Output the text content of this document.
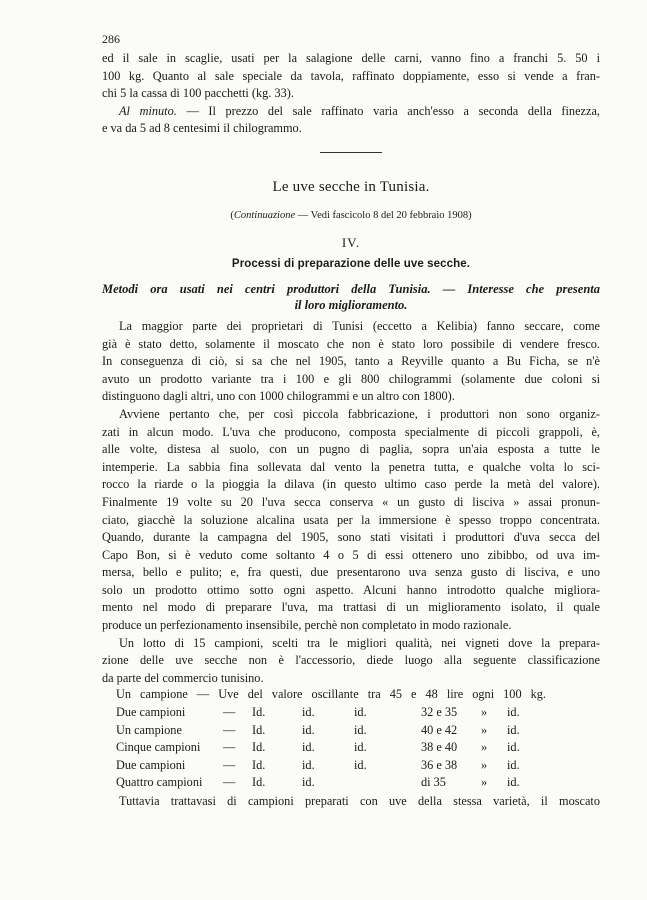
286
ed il sale in scaglie, usati per la salagione delle carni, vanno fino a franchi 5. 50 i
100 kg. Quanto al sale speciale da tavola, raffinato doppiamente, esso si vende a fran-
chi 5 la cassa di 100 pacchetti (kg. 33).
Al minuto. — Il prezzo del sale raffinato varia anch'esso a seconda della finezza,
e va da 5 ad 8 centesimi il chilogrammo.
Le uve secche in Tunisia.
(Continuazione — Vedi fascicolo 8 del 20 febbraio 1908)
IV.
Processi di preparazione delle uve secche.
Metodi ora usati nei centri produttori della Tunisia. — Interesse che presenta
il loro miglioramento.
La maggior parte dei proprietari di Tunisi (eccetto a Kelibia) fanno seccare, come
già è stato detto, solamente il moscato che non è stato loro possibile di vendere fresco.
In conseguenza di ciò, si sa che nel 1905, tanto a Reyville quanto a Bu Ficha, se n'è
avuto un prodotto variante tra i 100 e gli 800 chilogrammi (solamente due coloni si
distinguono dagli altri, uno con 1000 chilogrammi e un altro con 1800).
Avviene pertanto che, per così piccola fabbricazione, i produttori non sono organiz-
zati in alcun modo. L'uva che producono, composta specialmente di piccoli grappoli, è,
alle volte, distesa al suolo, con un pugno di paglia, sopra un'aia esposta a tutte le
intemperie. La sabbia fina sollevata dal vento la penetra tutta, e qualche volta lo sci-
rocco la riarde o la pioggia la dilava (in questo ultimo caso perde la metà del valore).
Finalmente 19 volte su 20 l'uva secca conserva « un gusto di lisciva » assai pronun-
ciato, giacchè la soluzione alcalina usata per la immersione è spesso troppo concentrata.
Quando, durante la campagna del 1905, sono stati visitati i produttori d'uva secca del
Capo Bon, si è veduto come soltanto 4 o 5 di essi ottenero uno zibibbo, od uva im-
mersa, bello e pulito; e, fra questi, due presentarono uva senza gusto di lisciva, e uno
solo un prodotto ottimo sotto ogni aspetto. Alcuni hanno introdotto qualche migliora-
mento nel modo di preparare l'uva, ma trattasi di un miglioramento isolato, il quale
produce un perfezionamento insensibile, perchè non completato in modo razionale.
Un lotto di 15 campioni, scelti tra le migliori qualità, nei vigneti dove la prepara-
zione delle uve secche non è l'accessorio, diede luogo alla seguente classificazione
da parte del commercio tunisino.
Un campione — Uve del valore oscillante tra 45 e 48 lire ogni 100 kg.							

Due campioni	—	Id.	id.	id.	32 e 35	»	id.
Un campione	—	Id.	id.	id.	40 e 42	»	id.
Cinque campioni	—	Id.	id.	id.	38 e 40	»	id.
Due campioni	—	Id.	id.	id.	36 e 38	»	id.
Quattro campioni	—	Id.	id.		di 35	»	id.
Tuttavia trattavasi di campioni preparati con uve della stessa varietà, il moscato
